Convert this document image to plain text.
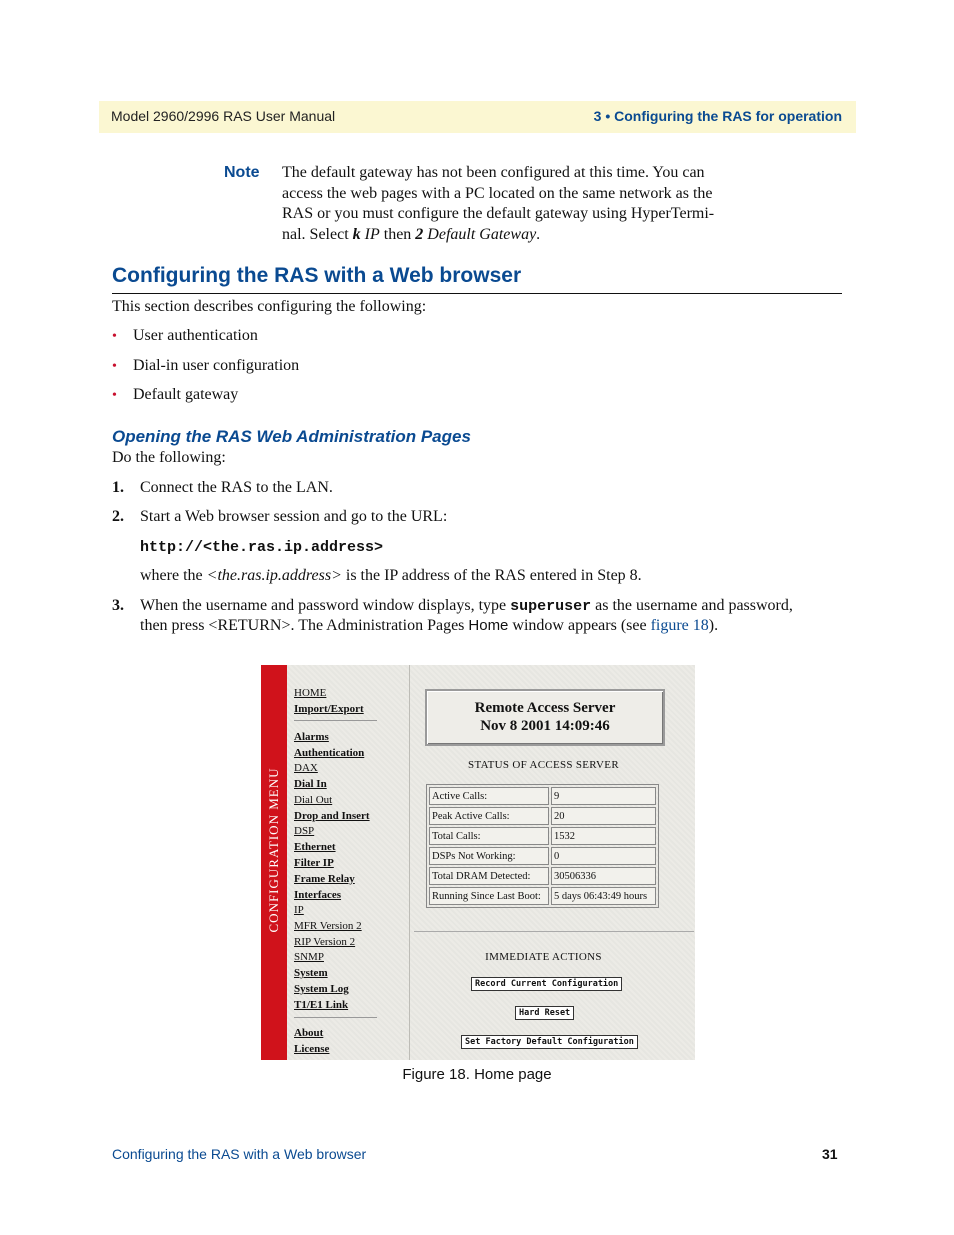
Model 2960/2996 RAS User Manual	3 • Configuring the RAS for operation
Note The default gateway has not been configured at this time. You can
access the web pages with a PC located on the same network as the
RAS or you must configure the default gateway using HyperTermi-
nal. Select k IP then 2 Default Gateway.
Configuring the RAS with a Web browser
This section describes configuring the following:
• User authentication
• Dial-in user configuration
• Default gateway
Opening the RAS Web Administration Pages
Do the following:
1. Connect the RAS to the LAN.
2. Start a Web browser session and go to the URL:
http://<the.ras.ip.address>
where the <the.ras.ip.address> is the IP address of the RAS entered in Step 8.
3. When the username and password window displays, type superuser as the username and password,
then press <RETURN>. The Administration Pages Home window appears (see figure 18).
CONFIGURATION MENU
HOME
Import/Export
Alarms
Authentication
DAX
Dial In
Dial Out
Drop and Insert
DSP
Ethernet
Filter IP
Frame Relay
Interfaces
IP
MFR Version 2
RIP Version 2
SNMP
System
System Log
T1/E1 Link
About
License
Remote Access Server
Nov 8 2001 14:09:46
STATUS OF ACCESS SERVER
Active Calls:	9
Peak Active Calls:	20
Total Calls:	1532
DSPs Not Working:	0
Total DRAM Detected:	30506336
Running Since Last Boot:	5 days 06:43:49 hours
IMMEDIATE ACTIONS
Record Current Configuration
Hard Reset
Set Factory Default Configuration
Figure 18. Home page
Configuring the RAS with a Web browser	31
